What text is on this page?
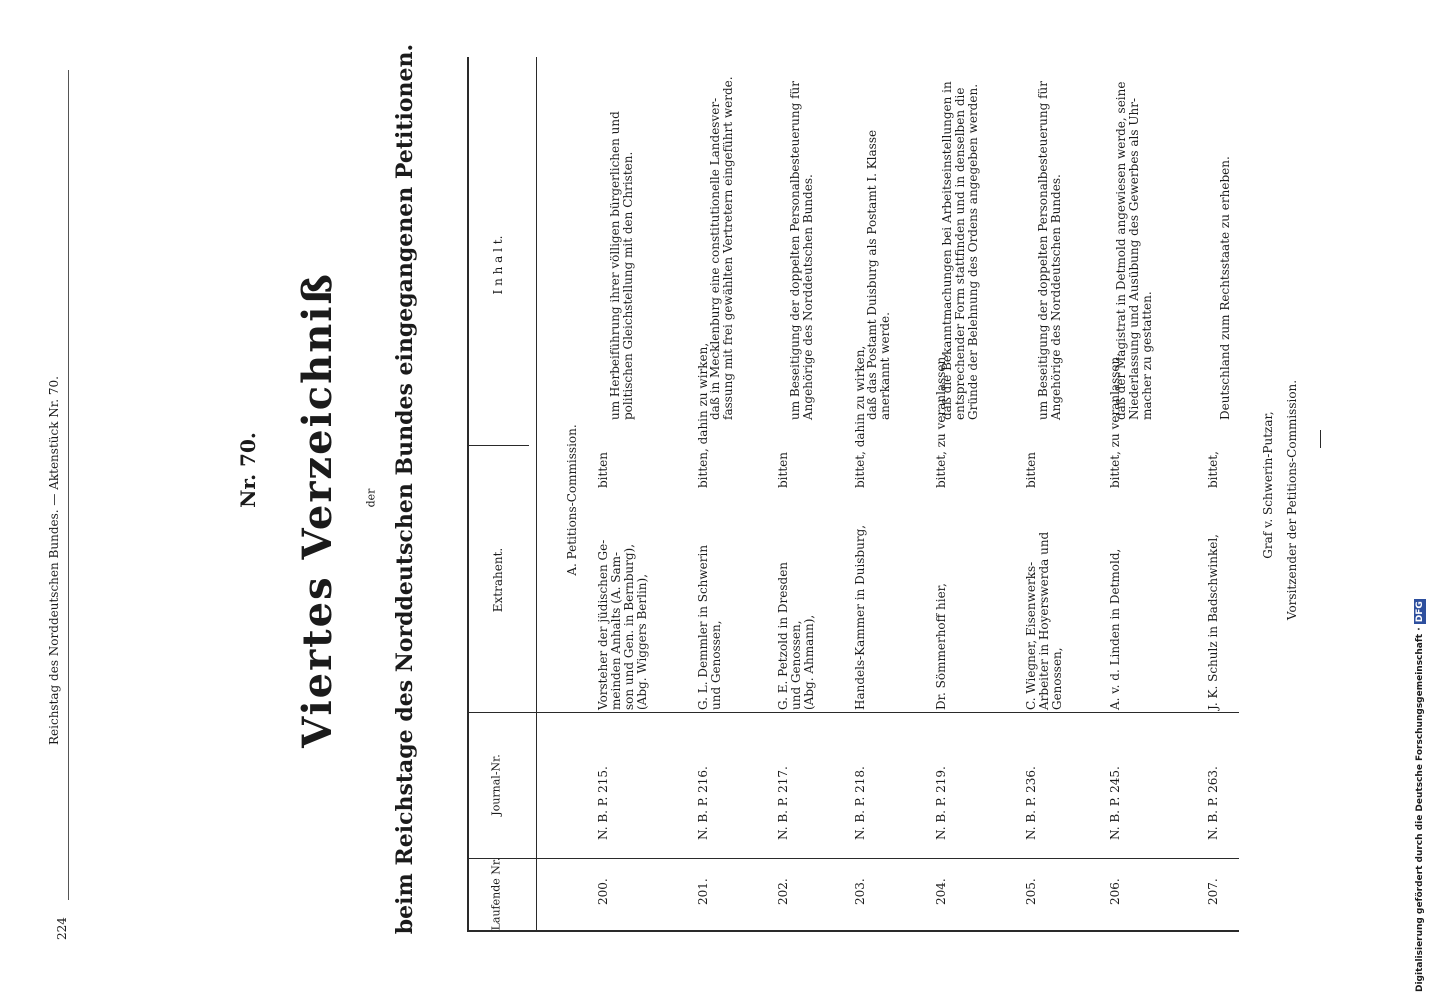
224
Reichstag des Norddeutschen Bundes. — Aktenstück Nr. 70.	Nr. 70. Viertes Verzeichniß der beim Reichstage des Norddeutschen Bundes eingegangenen Petitionen.	Laufende Nr.
Journal-Nr.
Extrahent.
I n h a l t.
A. Petitions-Commission.
200.
N. B. P. 215.
Vorsteher der jüdischen Ge- meinden Anhalts (A. Sam- son und Gen. in Bernburg), (Abg. Wiggers Berlin),
bitten
um Herbeiführung ihrer völligen bürgerlichen und politischen Gleichstellung mit den Christen.
201.
N. B. P. 216.
G. L. Demmler in Schwerin und Genossen,
bitten, dahin zu wirken,
daß in Mecklenburg eine constitutionelle Landesver- fassung mit frei gewählten Vertretern eingeführt werde.
202.
N. B. P. 217.
G. E. Petzold in Dresden und Genossen, (Abg. Ahmann),
bitten
um Beseitigung der doppelten Personalbesteuerung für Angehörige des Norddeutschen Bundes.
203.
N. B. P. 218.
Handels-Kammer in Duisburg,
bittet, dahin zu wirken,
daß das Postamt Duisburg als Postamt I. Klasse anerkannt werde.
204.
N. B. P. 219.
Dr. Sömmerhoff hier,
bittet, zu veranlassen,
daß die Bekanntmachungen bei Arbeitseinstellungen in entsprechender Form stattfinden und in denselben die Gründe der Belehnung des Ordens angegeben werden.
205.
N. B. P. 236.
C. Wiegner, Eisenwerks- Arbeiter in Hoyerswerda und Genossen,
bitten
um Beseitigung der doppelten Personalbesteuerung für Angehörige des Norddeutschen Bundes.
206.
N. B. P. 245.
A. v. d. Linden in Detmold,
bittet, zu veranlassen,
daß der Magistrat in Detmold angewiesen werde, seine Niederlassung und Ausübung des Gewerbes als Uhr- macher zu gestatten.
207.
N. B. P. 263.
J. K. Schulz in Badschwinkel,
bittet,
Deutschland zum Rechtsstaate zu erheben.
Graf v. Schwerin-Putzar, Vorsitzender der Petitions-Commission.
Digitalisierung gefördert durch die Deutsche Forschungsgemeinschaft · DFG
